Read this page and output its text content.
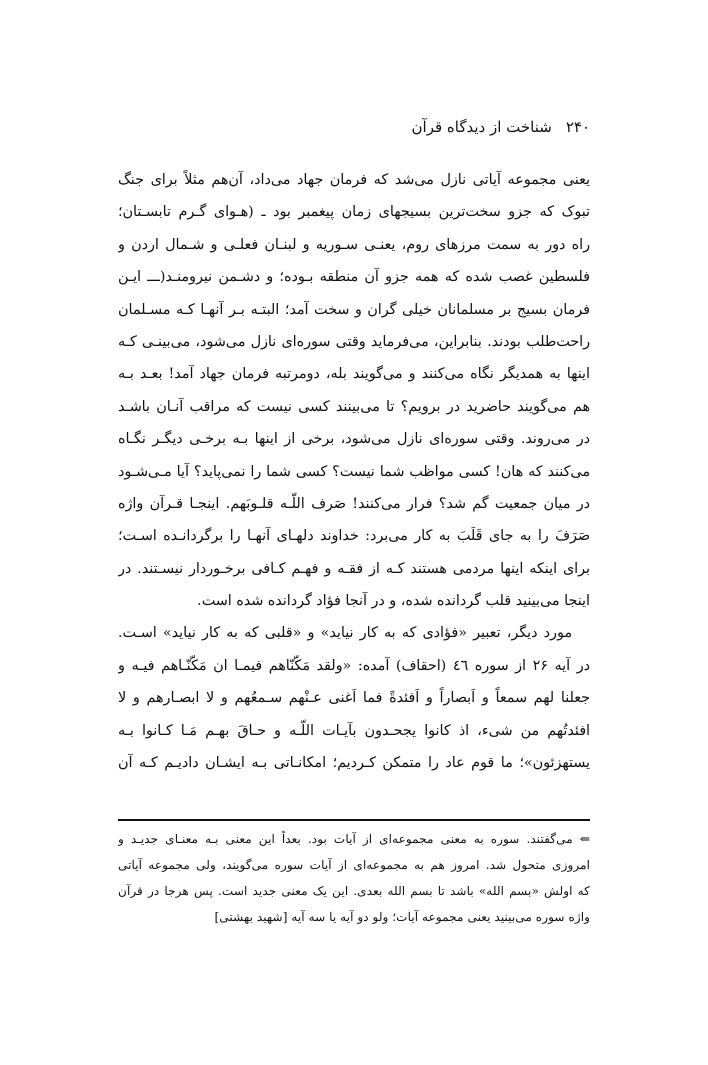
۲۴۰
شناخت از دیدگاه قرآن
یعنی مجموعه آیاتی نازل می‌شد که فرمان جهاد می‌داد، آن‌هم مثلاً برای جنگ
تبوک که جزو سخت‌ترین بسیجهای زمان پیغمبر بود ـ (هـوای گـرم تابسـتان؛
راه دور به سمت مرزهای روم، یعنـی سـوریه و لبنـان فعلـی و شـمال اردن و
فلسطین غصب شده که همه جزو آن منطقه بـوده؛ و دشـمن نیرومنـد(ـــ ایـن
فرمان بسیج بر مسلمانان خیلی گران و سخت آمد؛ البتـه بـر آنهـا کـه مسـلمان
راحت‌طلب بودند. بنابراین، می‌فرماید وقتی سوره‌ای نازل می‌شود، می‌بینـی کـه
اینها به همدیگر نگاه می‌کنند و می‌گویند بله، دومرتبه فرمان جهاد آمد! بعـد بـه
هم می‌گویند حاضرید در برویم؟ تا می‌بینند کسی نیست که مراقب آنـان باشـد
در می‌روند. وقتی سوره‌ای نازل می‌شود، برخی از اینها بـه برخـی دیگـر نگـاه
می‌کنند که هان! کسی مواظب شما نیست؟ کسی شما را نمی‌پاید؟ آیا مـی‌شـود
در میان جمعیت گم شد؟ فرار می‌کنند! صَرف اللّـه قلـوبَهم. اینجـا قـرآن واژه
صَرَفَ را به جای قَلَبَ به کار می‌برد: خداوند دلهـای آنهـا را برگردانـده اسـت؛
برای اینکه اینها مردمی هستند کـه از فقـه و فهـم کـافی برخـوردار نیسـتند. در
اینجا می‌بینید قلب گردانده شده، و در آنجا فؤاد گردانده شده است.
مورد دیگر، تعبیر «فؤادی که به کار نیاید» و «قلبی که به کار نیاید» اسـت.
در آیه ۲۶ از سوره ٤٦ (احقاف) آمده: «ولقد مَکّنّاهم فیمـا ان مَکّنّـاهم فیـه و
جعلنا لهم سمعاً و اَبصاراً و اَفئدةً فما اَغنی عـنْهم سـمعُهم و لا ابصـارهم و لا
افئدتُهم من شیء، اذ کانوا یجحـدون بآیـات اللّـه و حـاقَ بهـم مَـا کـانوا بـه
یستهزئون»؛ ما قوم عاد را متمکن کـردیم؛ امکانـاتی بـه ایشـان دادیـم کـه آن
⇐ می‌گفتند. سوره به معنی مجموعه‌ای از آیات بود. بعداً این معنی بـه معنـای جدیـد و
امروزی متحول شد. امروز هم به مجموعه‌ای از آیات سوره می‌گویند، ولی مجموعه آیاتی
که اولش «بسم الله» باشد تا بسم الله بعدی. این یک معنی جدید است. پس هرجا در قرآن
واژه سوره می‌بینید یعنی مجموعه آیات؛ ولو دو آیه یا سه آیه [شهید بهشتی]
